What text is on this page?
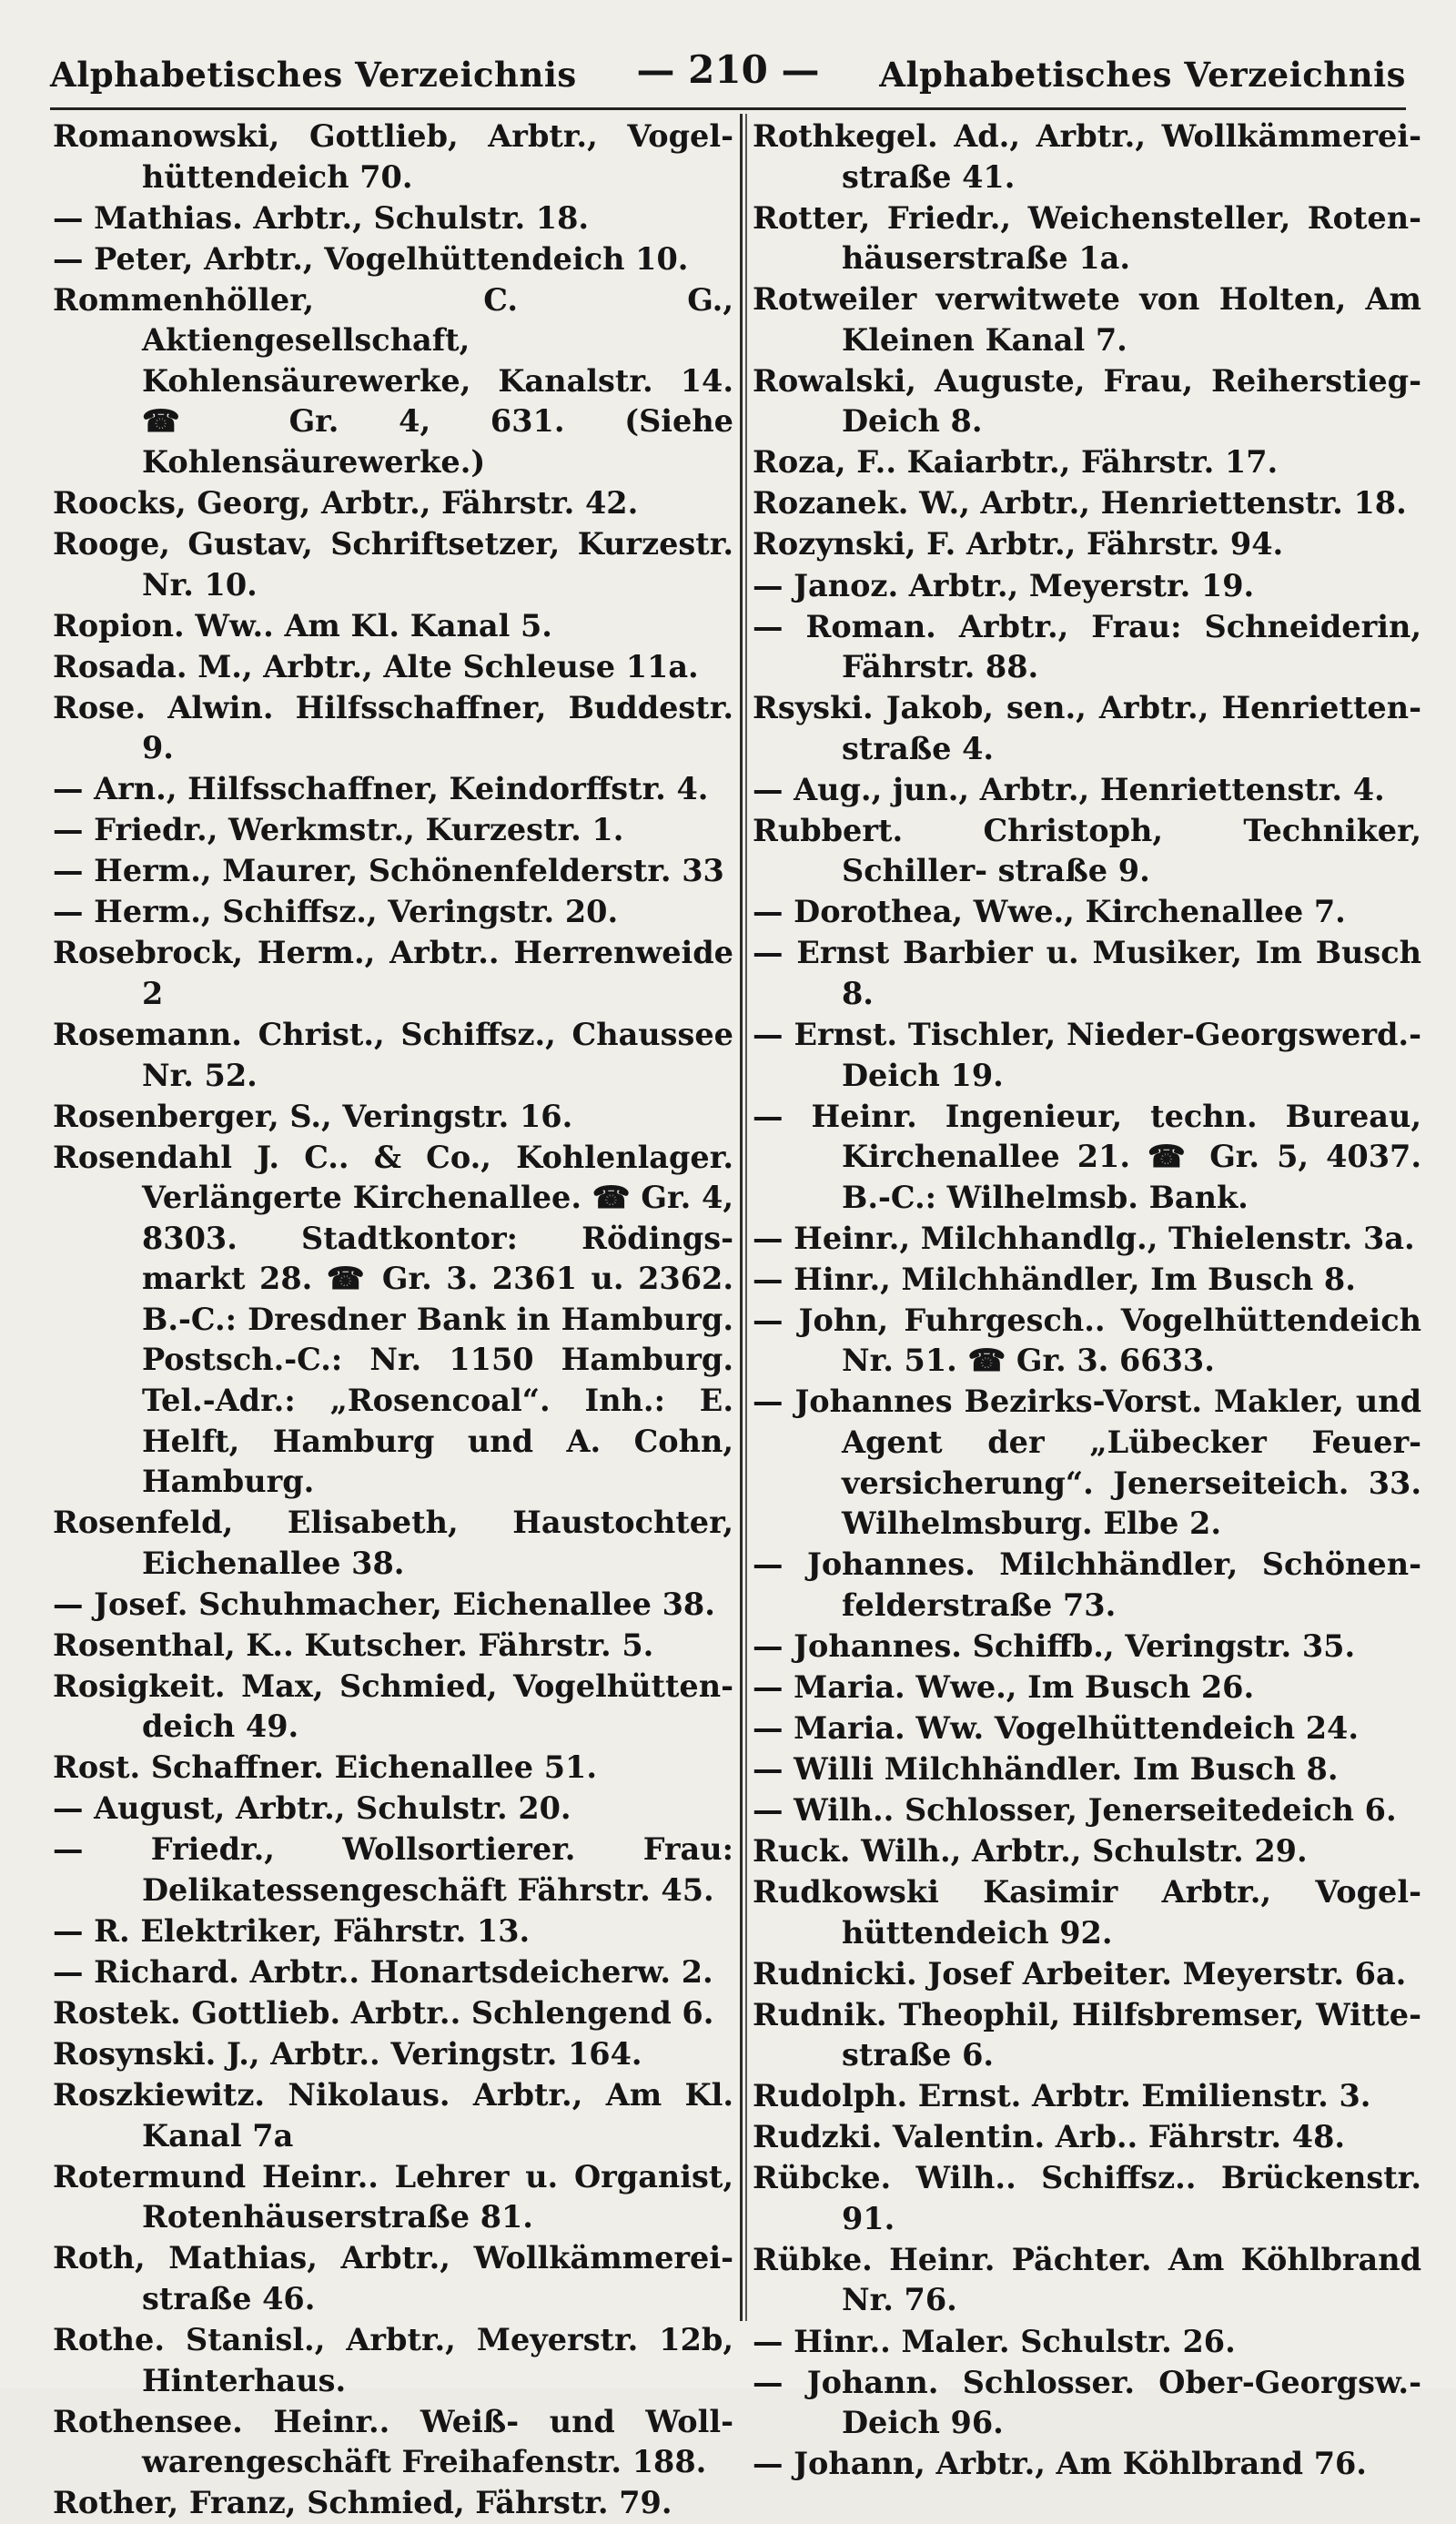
Alphabetisches Verzeichnis	— 210 —	Alphabetisches Verzeichnis

Romanowski, Gottlieb, Arbtr., Vogel- hüttendeich 70.

— Mathias. Arbtr., Schulstr. 18.

— Peter, Arbtr., Vogelhüttendeich 10.

Rommenhöller, C. G., Aktiengesellschaft, Kohlensäurewerke, Kanalstr. 14. ☎ Gr. 4, 631. (Siehe Kohlensäurewerke.)

Roocks, Georg, Arbtr., Fährstr. 42.

Rooge, Gustav, Schriftsetzer, Kurzestr. Nr. 10.

Ropion. Ww.. Am Kl. Kanal 5.

Rosada. M., Arbtr., Alte Schleuse 11a.

Rose. Alwin. Hilfsschaffner, Buddestr. 9.

— Arn., Hilfsschaffner, Keindorffstr. 4.

— Friedr., Werkmstr., Kurzestr. 1.

— Herm., Maurer, Schönenfelderstr. 33

— Herm., Schiffsz., Veringstr. 20.

Rosebrock, Herm., Arbtr.. Herrenweide 2

Rosemann. Christ., Schiffsz., Chaussee Nr. 52.

Rosenberger, S., Veringstr. 16.

Rosendahl J. C.. & Co., Kohlenlager. Verlängerte Kirchenallee. ☎ Gr. 4, 8303. Stadtkontor: Rödings- markt 28. ☎ Gr. 3. 2361 u. 2362. B.-C.: Dresdner Bank in Hamburg. Postsch.-C.: Nr. 1150 Hamburg. Tel.-Adr.: „Rosencoal“. Inh.: E. Helft, Hamburg und A. Cohn, Hamburg.

Rosenfeld, Elisabeth, Haustochter, Eichenallee 38.

— Josef. Schuhmacher, Eichenallee 38.

Rosenthal, K.. Kutscher. Fährstr. 5.

Rosigkeit. Max, Schmied, Vogelhütten- deich 49.

Rost. Schaffner. Eichenallee 51.

— August, Arbtr., Schulstr. 20.

— Friedr., Wollsortierer. Frau: Delikatessengeschäft Fährstr. 45.

— R. Elektriker, Fährstr. 13.

— Richard. Arbtr.. Honartsdeicherw. 2.

Rostek. Gottlieb. Arbtr.. Schlengend 6.

Rosynski. J., Arbtr.. Veringstr. 164.

Roszkiewitz. Nikolaus. Arbtr., Am Kl. Kanal 7a

Rotermund Heinr.. Lehrer u. Organist, Rotenhäuserstraße 81.

Roth, Mathias, Arbtr., Wollkämmerei- straße 46.

Rothe. Stanisl., Arbtr., Meyerstr. 12b, Hinterhaus.

Rothensee. Heinr.. Weiß- und Woll- warengeschäft Freihafenstr. 188.

Rother, Franz, Schmied, Fährstr. 79.

Rothkegel. Ad., Arbtr., Wollkämmerei- straße 41.

Rotter, Friedr., Weichensteller, Roten- häuserstraße 1a.

Rotweiler verwitwete von Holten, Am Kleinen Kanal 7.

Rowalski, Auguste, Frau, Reiherstieg- Deich 8.

Roza, F.. Kaiarbtr., Fährstr. 17.

Rozanek. W., Arbtr., Henriettenstr. 18.

Rozynski, F. Arbtr., Fährstr. 94.

— Janoz. Arbtr., Meyerstr. 19.

— Roman. Arbtr., Frau: Schneiderin, Fährstr. 88.

Rsyski. Jakob, sen., Arbtr., Henrietten- straße 4.

— Aug., jun., Arbtr., Henriettenstr. 4.

Rubbert. Christoph, Techniker, Schiller- straße 9.

— Dorothea, Wwe., Kirchenallee 7.

— Ernst Barbier u. Musiker, Im Busch 8.

— Ernst. Tischler, Nieder-Georgswerd.- Deich 19.

— Heinr. Ingenieur, techn. Bureau, Kirchenallee 21. ☎ Gr. 5, 4037. B.-C.: Wilhelmsb. Bank.

— Heinr., Milchhandlg., Thielenstr. 3a.

— Hinr., Milchhändler, Im Busch 8.

— John, Fuhrgesch.. Vogelhüttendeich Nr. 51. ☎ Gr. 3. 6633.

— Johannes Bezirks-Vorst. Makler, und Agent der „Lübecker Feuer- versicherung“. Jenerseiteich. 33. Wilhelmsburg. Elbe 2.

— Johannes. Milchhändler, Schönen- felderstraße 73.

— Johannes. Schiffb., Veringstr. 35.

— Maria. Wwe., Im Busch 26.

— Maria. Ww. Vogelhüttendeich 24.

— Willi Milchhändler. Im Busch 8.

— Wilh.. Schlosser, Jenerseitedeich 6.

Ruck. Wilh., Arbtr., Schulstr. 29.

Rudkowski Kasimir Arbtr., Vogel- hüttendeich 92.

Rudnicki. Josef Arbeiter. Meyerstr. 6a.

Rudnik. Theophil, Hilfsbremser, Witte- straße 6.

Rudolph. Ernst. Arbtr. Emilienstr. 3.

Rudzki. Valentin. Arb.. Fährstr. 48.

Rübcke. Wilh.. Schiffsz.. Brückenstr. 91.

Rübke. Heinr. Pächter. Am Köhlbrand Nr. 76.

— Hinr.. Maler. Schulstr. 26.

— Johann. Schlosser. Ober-Georgsw.- Deich 96.

— Johann, Arbtr., Am Köhlbrand 76.
